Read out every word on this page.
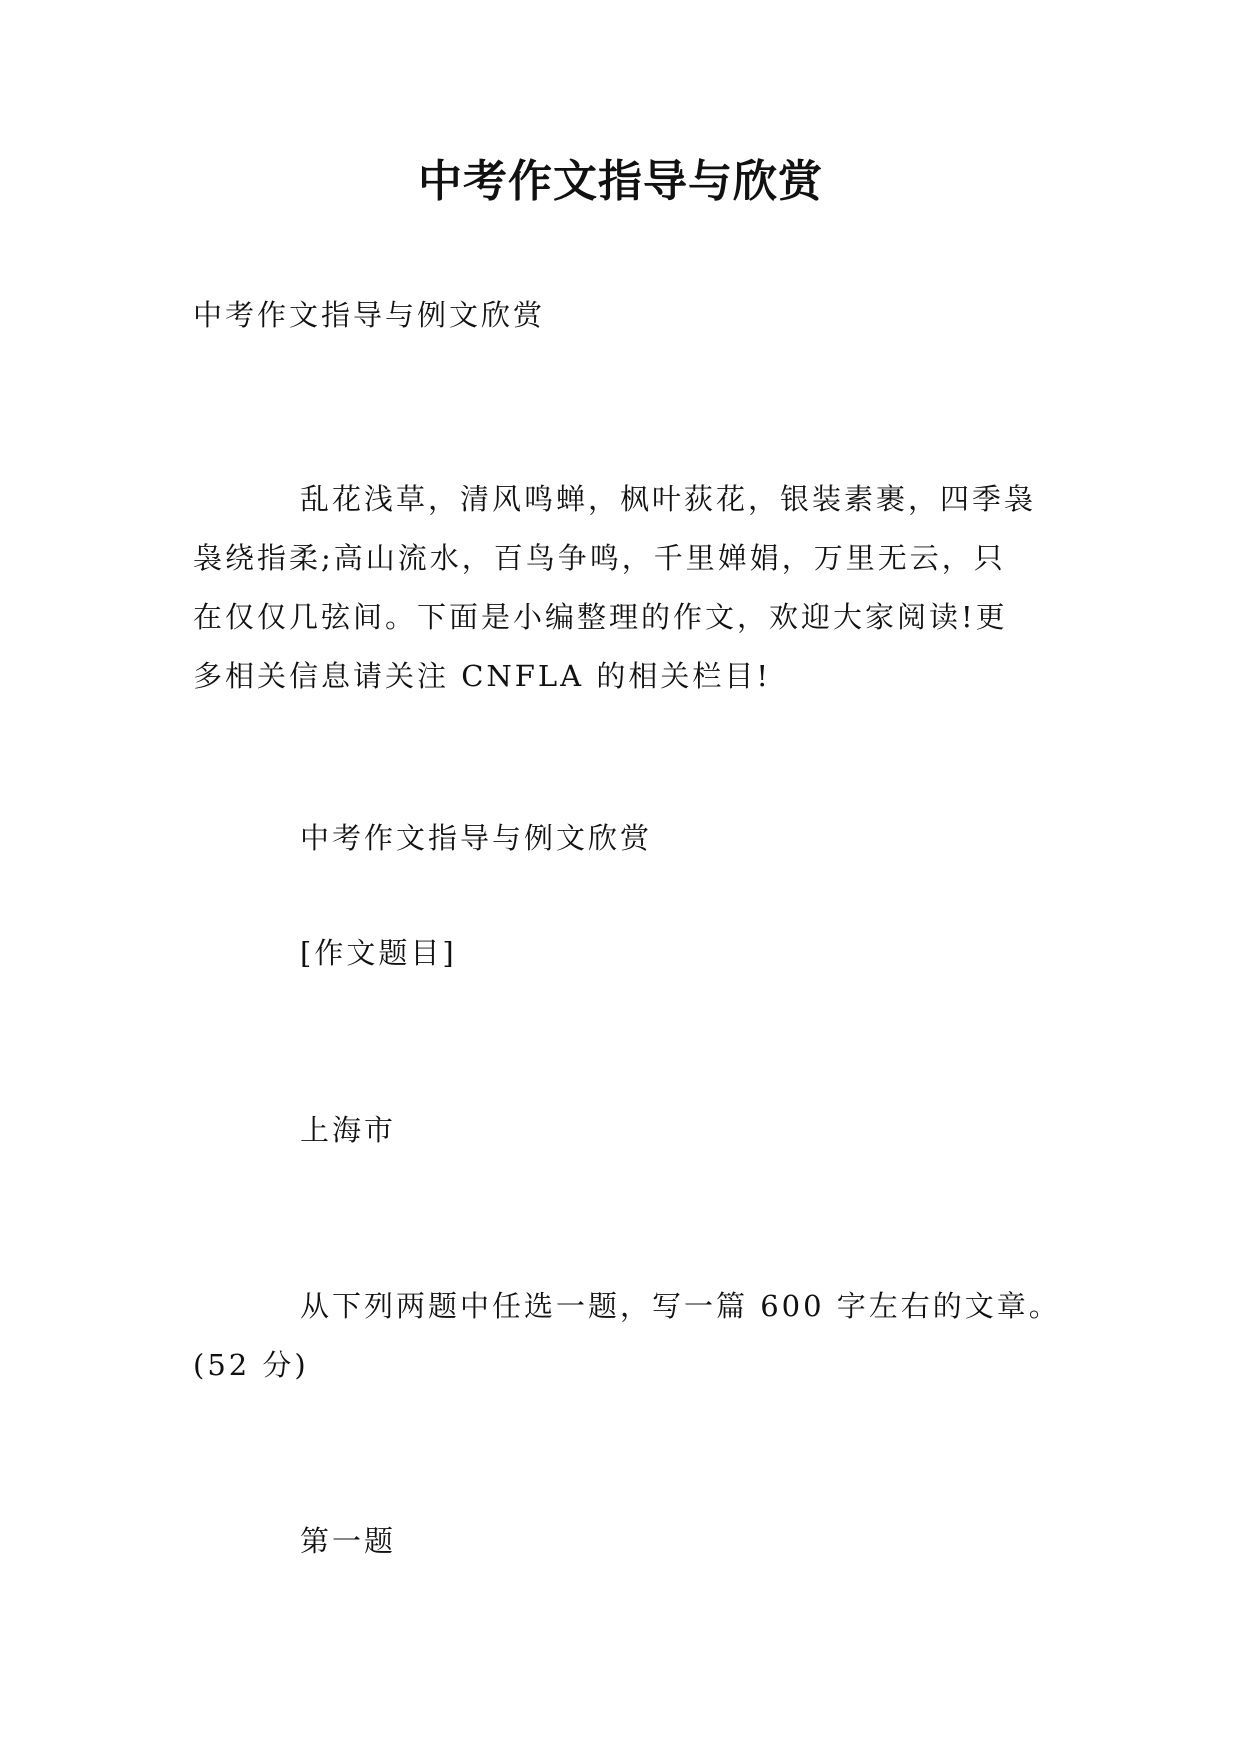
中考作文指导与欣赏

中考作文指导与例文欣赏

乱花浅草，清风鸣蝉，枫叶荻花，银装素裹，四季袅
袅绕指柔;高山流水，百鸟争鸣，千里婵娟，万里无云，只
在仅仅几弦间。下面是小编整理的作文，欢迎大家阅读!更
多相关信息请关注 CNFLA 的相关栏目!

中考作文指导与例文欣赏

[作文题目]

上海市

从下列两题中任选一题，写一篇 600 字左右的文章。

(52 分)

第一题
